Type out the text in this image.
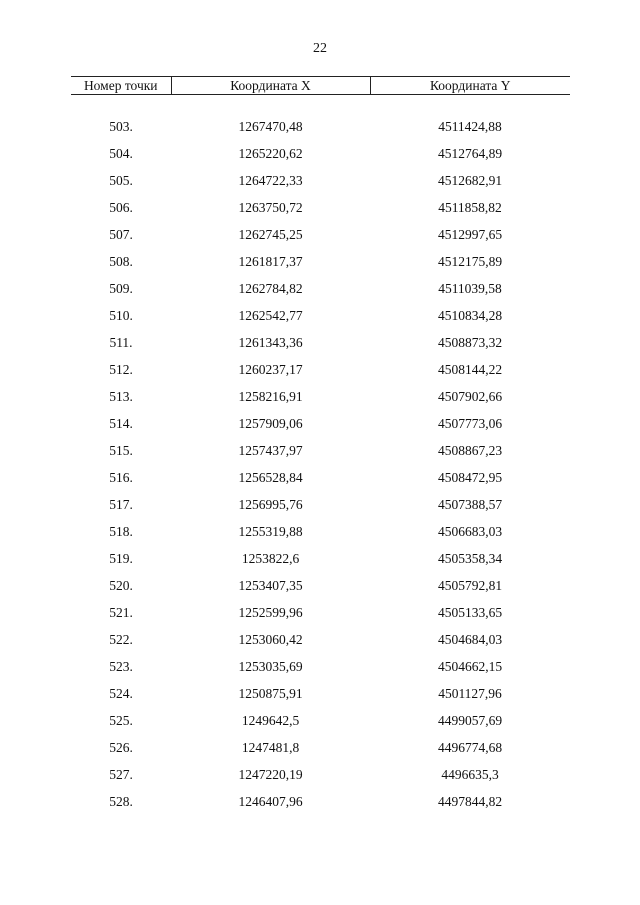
22
Номер точки	Координата X	Координата Y

503.	1267470,48	4511424,88
504.	1265220,62	4512764,89
505.	1264722,33	4512682,91
506.	1263750,72	4511858,82
507.	1262745,25	4512997,65
508.	1261817,37	4512175,89
509.	1262784,82	4511039,58
510.	1262542,77	4510834,28
511.	1261343,36	4508873,32
512.	1260237,17	4508144,22
513.	1258216,91	4507902,66
514.	1257909,06	4507773,06
515.	1257437,97	4508867,23
516.	1256528,84	4508472,95
517.	1256995,76	4507388,57
518.	1255319,88	4506683,03
519.	1253822,6	4505358,34
520.	1253407,35	4505792,81
521.	1252599,96	4505133,65
522.	1253060,42	4504684,03
523.	1253035,69	4504662,15
524.	1250875,91	4501127,96
525.	1249642,5	4499057,69
526.	1247481,8	4496774,68
527.	1247220,19	4496635,3
528.	1246407,96	4497844,82
